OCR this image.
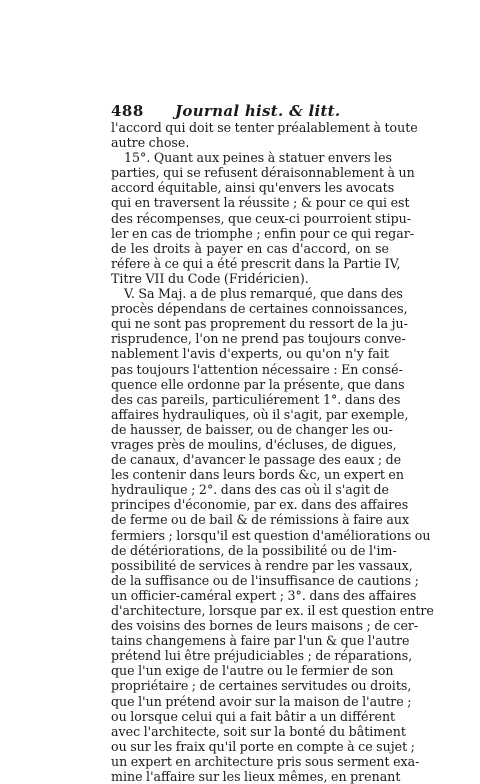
488 Journal hist. & litt.
l'accord qui doit se tenter préalablement à toute
autre chose.
15°. Quant aux peines à statuer envers les
parties, qui se refusent déraisonnablement à un
accord équitable, ainsi qu'envers les avocats
qui en traversent la réussite ; & pour ce qui est
des récompenses, que ceux-ci pourroient stipu-
ler en cas de triomphe ; enfin pour ce qui regar-
de les droits à payer en cas d'accord, on se
réfere à ce qui a été prescrit dans la Partie IV,
Titre VII du Code (Fridéricien).
V. Sa Maj. a de plus remarqué, que dans des
procès dépendans de certaines connoissances,
qui ne sont pas proprement du ressort de la ju-
risprudence, l'on ne prend pas toujours conve-
nablement l'avis d'experts, ou qu'on n'y fait
pas toujours l'attention nécessaire : En consé-
quence elle ordonne par la présente, que dans
des cas pareils, particuliérement 1°. dans des
affaires hydrauliques, où il s'agit, par exemple,
de hausser, de baisser, ou de changer les ou-
vrages près de moulins, d'écluses, de digues,
de canaux, d'avancer le passage des eaux ; de
les contenir dans leurs bords &c, un expert en
hydraulique ; 2°. dans des cas où il s'agit de
principes d'économie, par ex. dans des affaires
de ferme ou de bail & de rémissions à faire aux
fermiers ; lorsqu'il est question d'améliorations ou
de détériorations, de la possibilité ou de l'im-
possibilité de services à rendre par les vassaux,
de la suffisance ou de l'insuffisance de cautions ;
un officier-caméral expert ; 3°. dans des affaires
d'architecture, lorsque par ex. il est question entre
des voisins des bornes de leurs maisons ; de cer-
tains changemens à faire par l'un & que l'autre
prétend lui être préjudiciables ; de réparations,
que l'un exige de l'autre ou le fermier de son
propriétaire ; de certaines servitudes ou droits,
que l'un prétend avoir sur la maison de l'autre ;
ou lorsque celui qui a fait bâtir a un différent
avec l'architecte, soit sur la bonté du bâtiment
ou sur les fraix qu'il porte en compte à ce sujet ;
un expert en architecture pris sous serment exa-
mine l'affaire sur les lieux mêmes, en prenant
